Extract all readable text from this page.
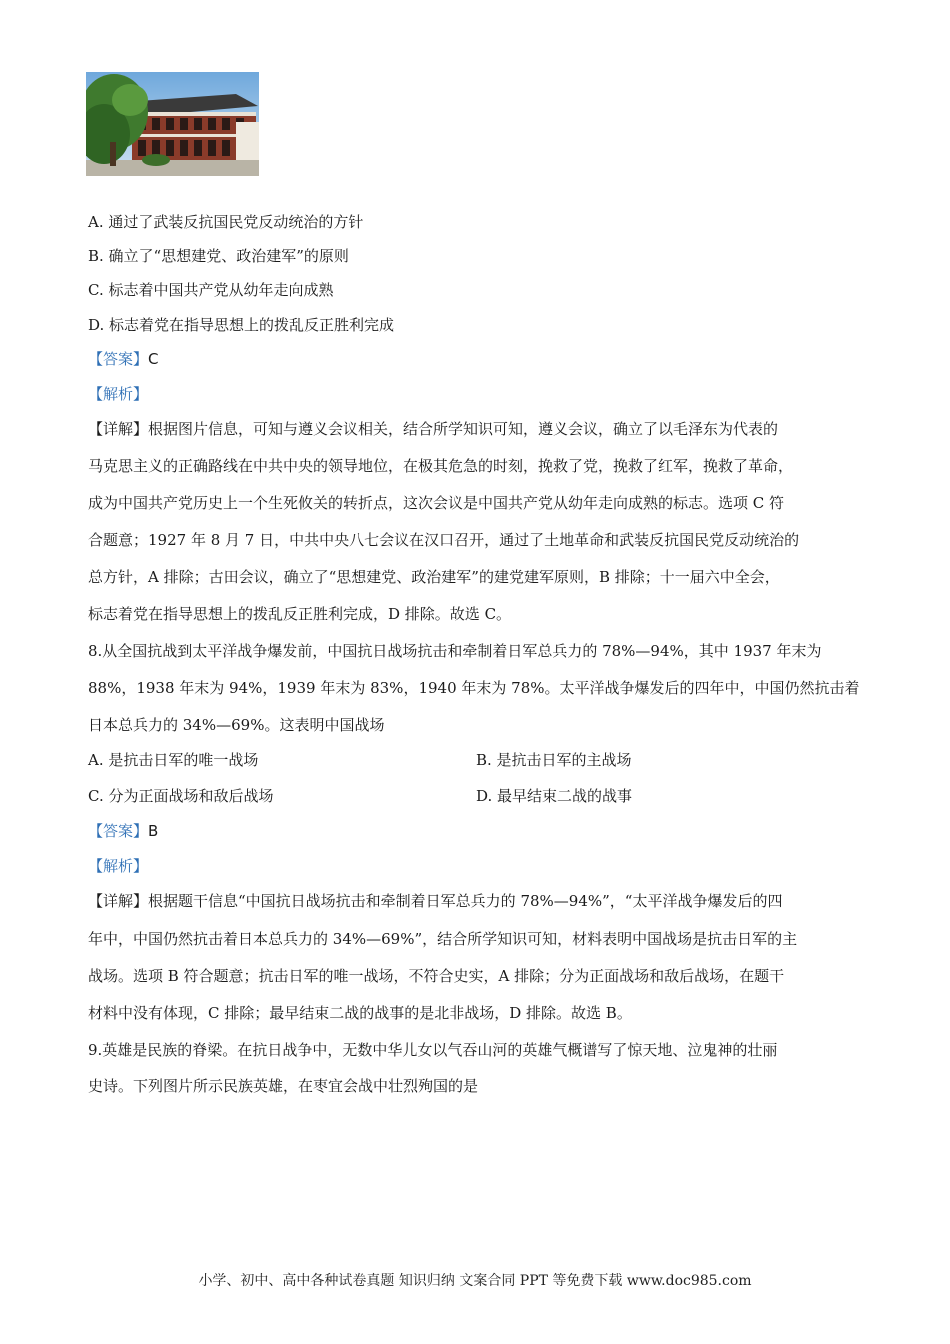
A. 通过了武装反抗国民党反动统治的方针
B. 确立了“思想建党、政治建军”的原则
C. 标志着中国共产党从幼年走向成熟
D. 标志着党在指导思想上的拨乱反正胜利完成
【答案】C
【解析】
【详解】根据图片信息，可知与遵义会议相关，结合所学知识可知，遵义会议，确立了以毛泽东为代表的
马克思主义的正确路线在中共中央的领导地位，在极其危急的时刻，挽救了党，挽救了红军，挽救了革命，
成为中国共产党历史上一个生死攸关的转折点，这次会议是中国共产党从幼年走向成熟的标志。选项 C 符
合题意；1927 年 8 月 7 日，中共中央八七会议在汉口召开，通过了土地革命和武装反抗国民党反动统治的
总方针，A 排除；古田会议，确立了“思想建党、政治建军”的建党建军原则，B 排除；十一届六中全会，
标志着党在指导思想上的拨乱反正胜利完成，D 排除。故选 C。
8.从全国抗战到太平洋战争爆发前，中国抗日战场抗击和牵制着日军总兵力的 78%—94%，其中 1937 年末为
88%，1938 年末为 94%，1939 年末为 83%，1940 年末为 78%。太平洋战争爆发后的四年中，中国仍然抗击着
日本总兵力的 34%—69%。这表明中国战场
A. 是抗击日军的唯一战场	B. 是抗击日军的主战场
C. 分为正面战场和敌后战场	D. 最早结束二战的战事
【答案】B
【解析】
【详解】根据题干信息“中国抗日战场抗击和牵制着日军总兵力的 78%—94%”，“太平洋战争爆发后的四
年中，中国仍然抗击着日本总兵力的 34%—69%”，结合所学知识可知，材料表明中国战场是抗击日军的主
战场。选项 B 符合题意；抗击日军的唯一战场，不符合史实，A 排除；分为正面战场和敌后战场，在题干
材料中没有体现，C 排除；最早结束二战的战事的是北非战场，D 排除。故选 B。
9.英雄是民族的脊梁。在抗日战争中，无数中华儿女以气吞山河的英雄气概谱写了惊天地、泣鬼神的壮丽
史诗。下列图片所示民族英雄，在枣宜会战中壮烈殉国的是
小学、初中、高中各种试卷真题 知识归纳 文案合同 PPT 等免费下载 www.doc985.com
